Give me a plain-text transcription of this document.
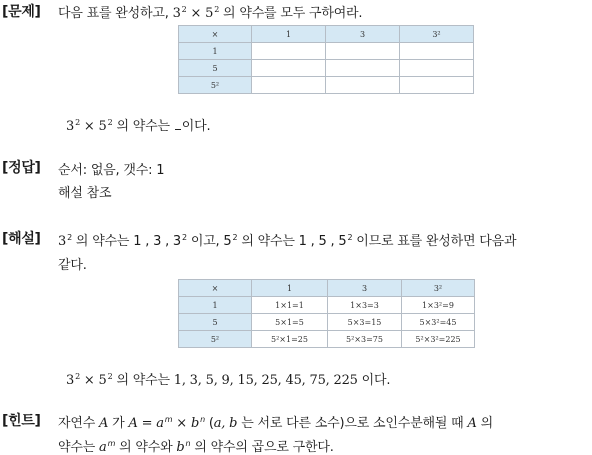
[문제] 다음 표를 완성하고, $3^2 \times 5^2$ 의 약수를 모두 구하여라.
×	1	3	3²
1			
5			
5²			
$3^2 \times 5^2$ 의 약수는 이다.
[정답] 순서: 없음, 갯수: 1
해설 참조
[해설] $3^2$ 의 약수는 1 , 3 , $3^2$ 이고, $5^2$ 의 약수는 1 , 5 , $5^2$ 이므로 표를 완성하면 다음과
같다.
×	1	3	3²
1	1×1=1	1×3=3	1×3²=9
5	5×1=5	5×3=15	5×3²=45
5²	5²×1=25	5²×3=75	5²×3²=225
$3^2 \times 5^2$ 의 약수는 1, 3, 5, 9, 15, 25, 45, 75, 225 이다.
[힌트] 자연수 A 가 $A = a^m \times b^n$ (a, b 는 서로 다른 소수)으로 소인수분해될 때 A 의
약수는 $a^m$ 의 약수와 $b^n$ 의 약수의 곱으로 구한다.
